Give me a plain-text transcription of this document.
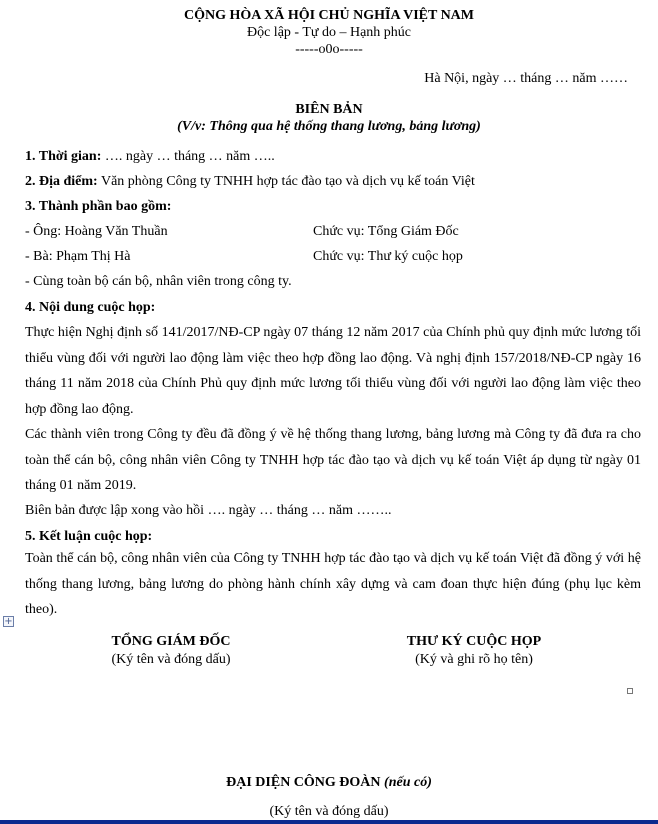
CỘNG HÒA XÃ HỘI CHỦ NGHĨA VIỆT NAM
Độc lập - Tự do – Hạnh phúc
-----o0o-----
Hà Nội, ngày … tháng … năm ……
BIÊN BẢN
(V/v: Thông qua hệ thống thang lương, bảng lương)
1. Thời gian: …. ngày … tháng … năm …..
2. Địa điểm: Văn phòng Công ty TNHH hợp tác đào tạo và dịch vụ kế toán Việt
3. Thành phần bao gồm:
- Ông: Hoàng Văn Thuần	Chức vụ: Tổng Giám Đốc
- Bà: Phạm Thị Hà	Chức vụ: Thư ký cuộc họp
- Cùng toàn bộ cán bộ, nhân viên trong công ty.
4. Nội dung cuộc họp:
Thực hiện Nghị định số 141/2017/NĐ-CP ngày 07 tháng 12 năm 2017 của Chính phủ quy định mức lương tối thiểu vùng đối với người lao động làm việc theo hợp đồng lao động. Và nghị định 157/2018/NĐ-CP ngày 16 tháng 11 năm 2018 của Chính Phủ quy định mức lương tối thiểu vùng đối với người lao động làm việc theo hợp đồng lao động.
Các thành viên trong Công ty đều đã đồng ý về hệ thống thang lương, bảng lương mà Công ty đã đưa ra cho toàn thể cán bộ, công nhân viên Công ty TNHH hợp tác đào tạo và dịch vụ kế toán Việt áp dụng từ ngày 01 tháng 01 năm 2019.
Biên bản được lập xong vào hồi …. ngày … tháng … năm ……..
5. Kết luận cuộc họp:
Toàn thể cán bộ, công nhân viên của Công ty TNHH hợp tác đào tạo và dịch vụ kế toán Việt đã đồng ý với hệ thống thang lương, bảng lương do phòng hành chính xây dựng và cam đoan thực hiện đúng (phụ lục kèm theo).
+
TỔNG GIÁM ĐỐC
(Ký tên và đóng dấu)
THƯ KÝ CUỘC HỌP
(Ký và ghi rõ họ tên)
ĐẠI DIỆN CÔNG ĐOÀN (nếu có)
(Ký tên và đóng dấu)
